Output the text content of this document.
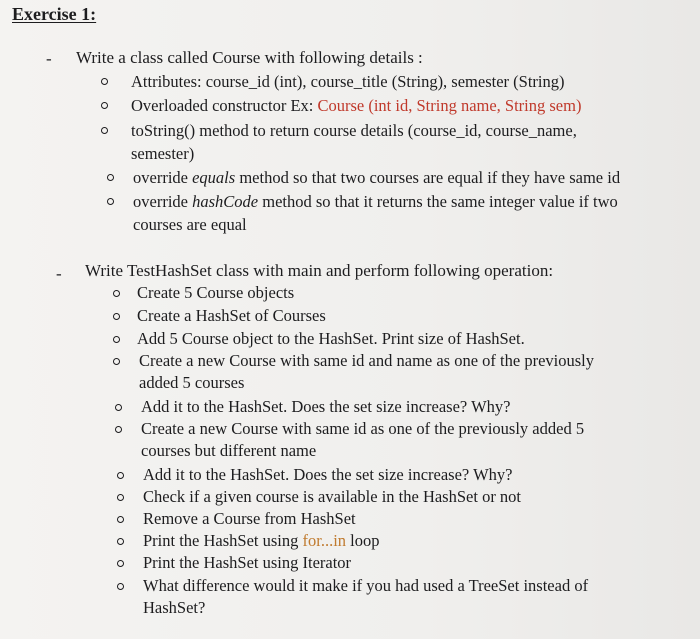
Exercise 1:
- Write a class called Course with following details :
Attributes: course_id (int), course_title (String), semester (String)
Overloaded constructor Ex: Course (int id, String name, String sem)
toString() method to return course details (course_id, course_name,
semester)
override equals method so that two courses are equal if they have same id
override hashCode method so that it returns the same integer value if two
courses are equal
- Write TestHashSet class with main and perform following operation:
Create 5 Course objects
Create a HashSet of Courses
Add 5 Course object to the HashSet. Print size of HashSet.
Create a new Course with same id and name as one of the previously
added 5 courses
Add it to the HashSet. Does the set size increase? Why?
Create a new Course with same id as one of the previously added 5
courses but different name
Add it to the HashSet. Does the set size increase? Why?
Check if a given course is available in the HashSet or not
Remove a Course from HashSet
Print the HashSet using for...in loop
Print the HashSet using Iterator
What difference would it make if you had used a TreeSet instead of
HashSet?
